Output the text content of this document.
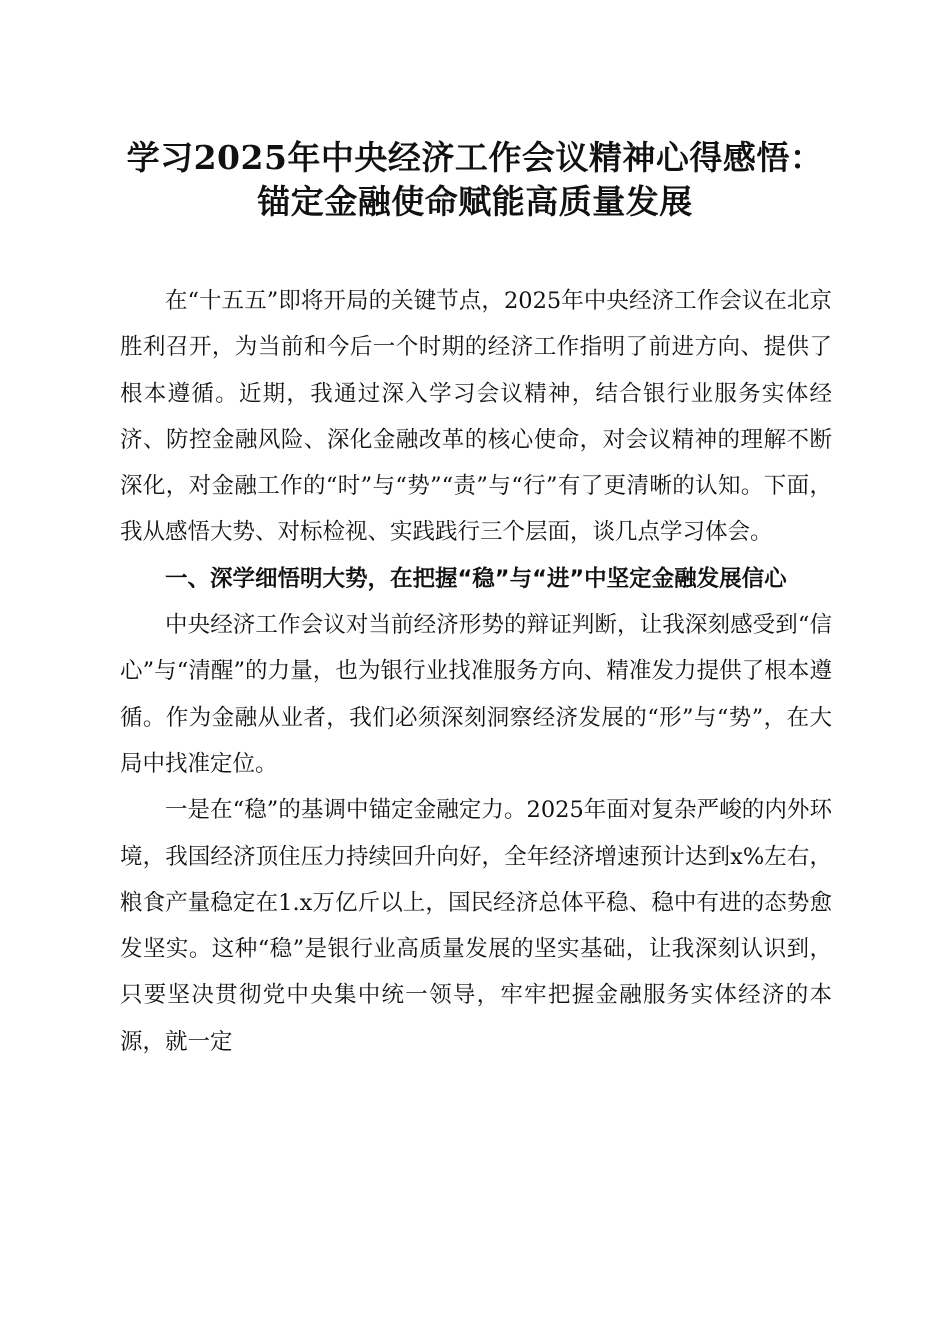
学习2025年中央经济工作会议精神心得感悟：
锚定金融使命赋能高质量发展

在“十五五”即将开局的关键节点，2025年中央经济工作会议在北京胜利召开，为当前和今后一个时期的经济工作指明了前进方向、提供了根本遵循。近期，我通过深入学习会议精神，结合银行业服务实体经济、防控金融风险、深化金融改革的核心使命，对会议精神的理解不断深化，对金融工作的“时”与“势”“责”与“行”有了更清晰的认知。下面，我从感悟大势、对标检视、实践践行三个层面，谈几点学习体会。

一、深学细悟明大势，在把握“稳”与“进”中坚定金融发展信心

中央经济工作会议对当前经济形势的辩证判断，让我深刻感受到“信心”与“清醒”的力量，也为银行业找准服务方向、精准发力提供了根本遵循。作为金融从业者，我们必须深刻洞察经济发展的“形”与“势”，在大局中找准定位。

一是在“稳”的基调中锚定金融定力。2025年面对复杂严峻的内外环境，我国经济顶住压力持续回升向好，全年经济增速预计达到x%左右，粮食产量稳定在1.x万亿斤以上，国民经济总体平稳、稳中有进的态势愈发坚实。这种“稳”是银行业高质量发展的坚实基础，让我深刻认识到，只要坚决贯彻党中央集中统一领导，牢牢把握金融服务实体经济的本源，就一定
